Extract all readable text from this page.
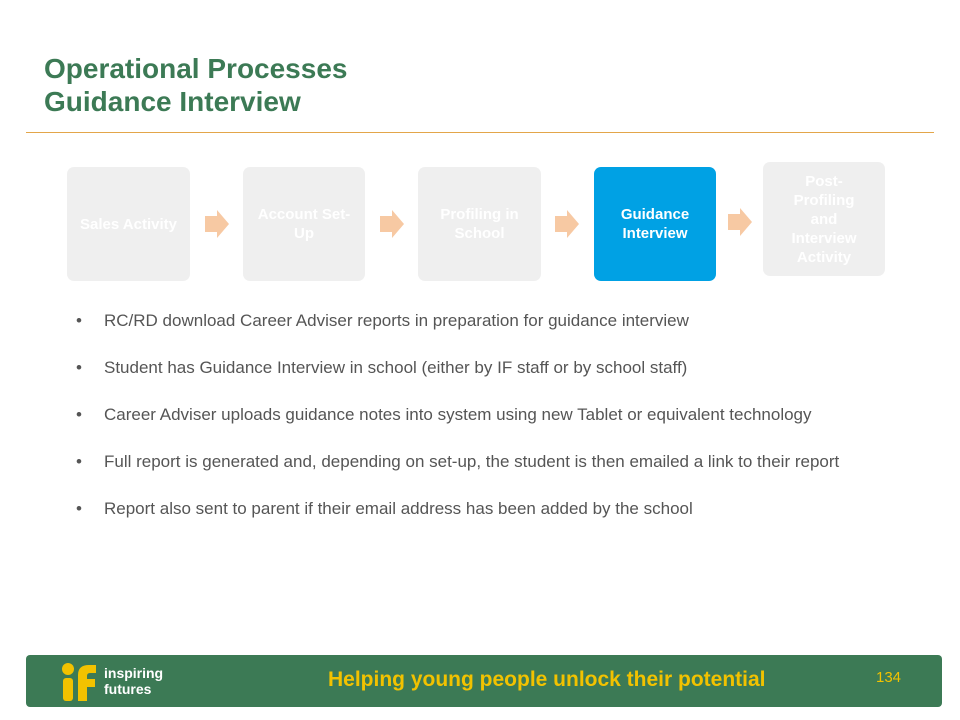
Operational Processes
Guidance Interview
Sales Activity
Account Set-Up
Profiling in School
Guidance Interview
Post-Profiling and Interview Activity
• RC/RD download Career Adviser reports in preparation for guidance interview
• Student has Guidance Interview in school (either by IF staff or by school staff)
• Career Adviser uploads guidance notes into system using new Tablet or equivalent technology
• Full report is generated and, depending on set-up, the student is then emailed a link to their report
• Report also sent to parent if their email address has been added by the school
inspiring
futures	Helping young people unlock their potential	134
